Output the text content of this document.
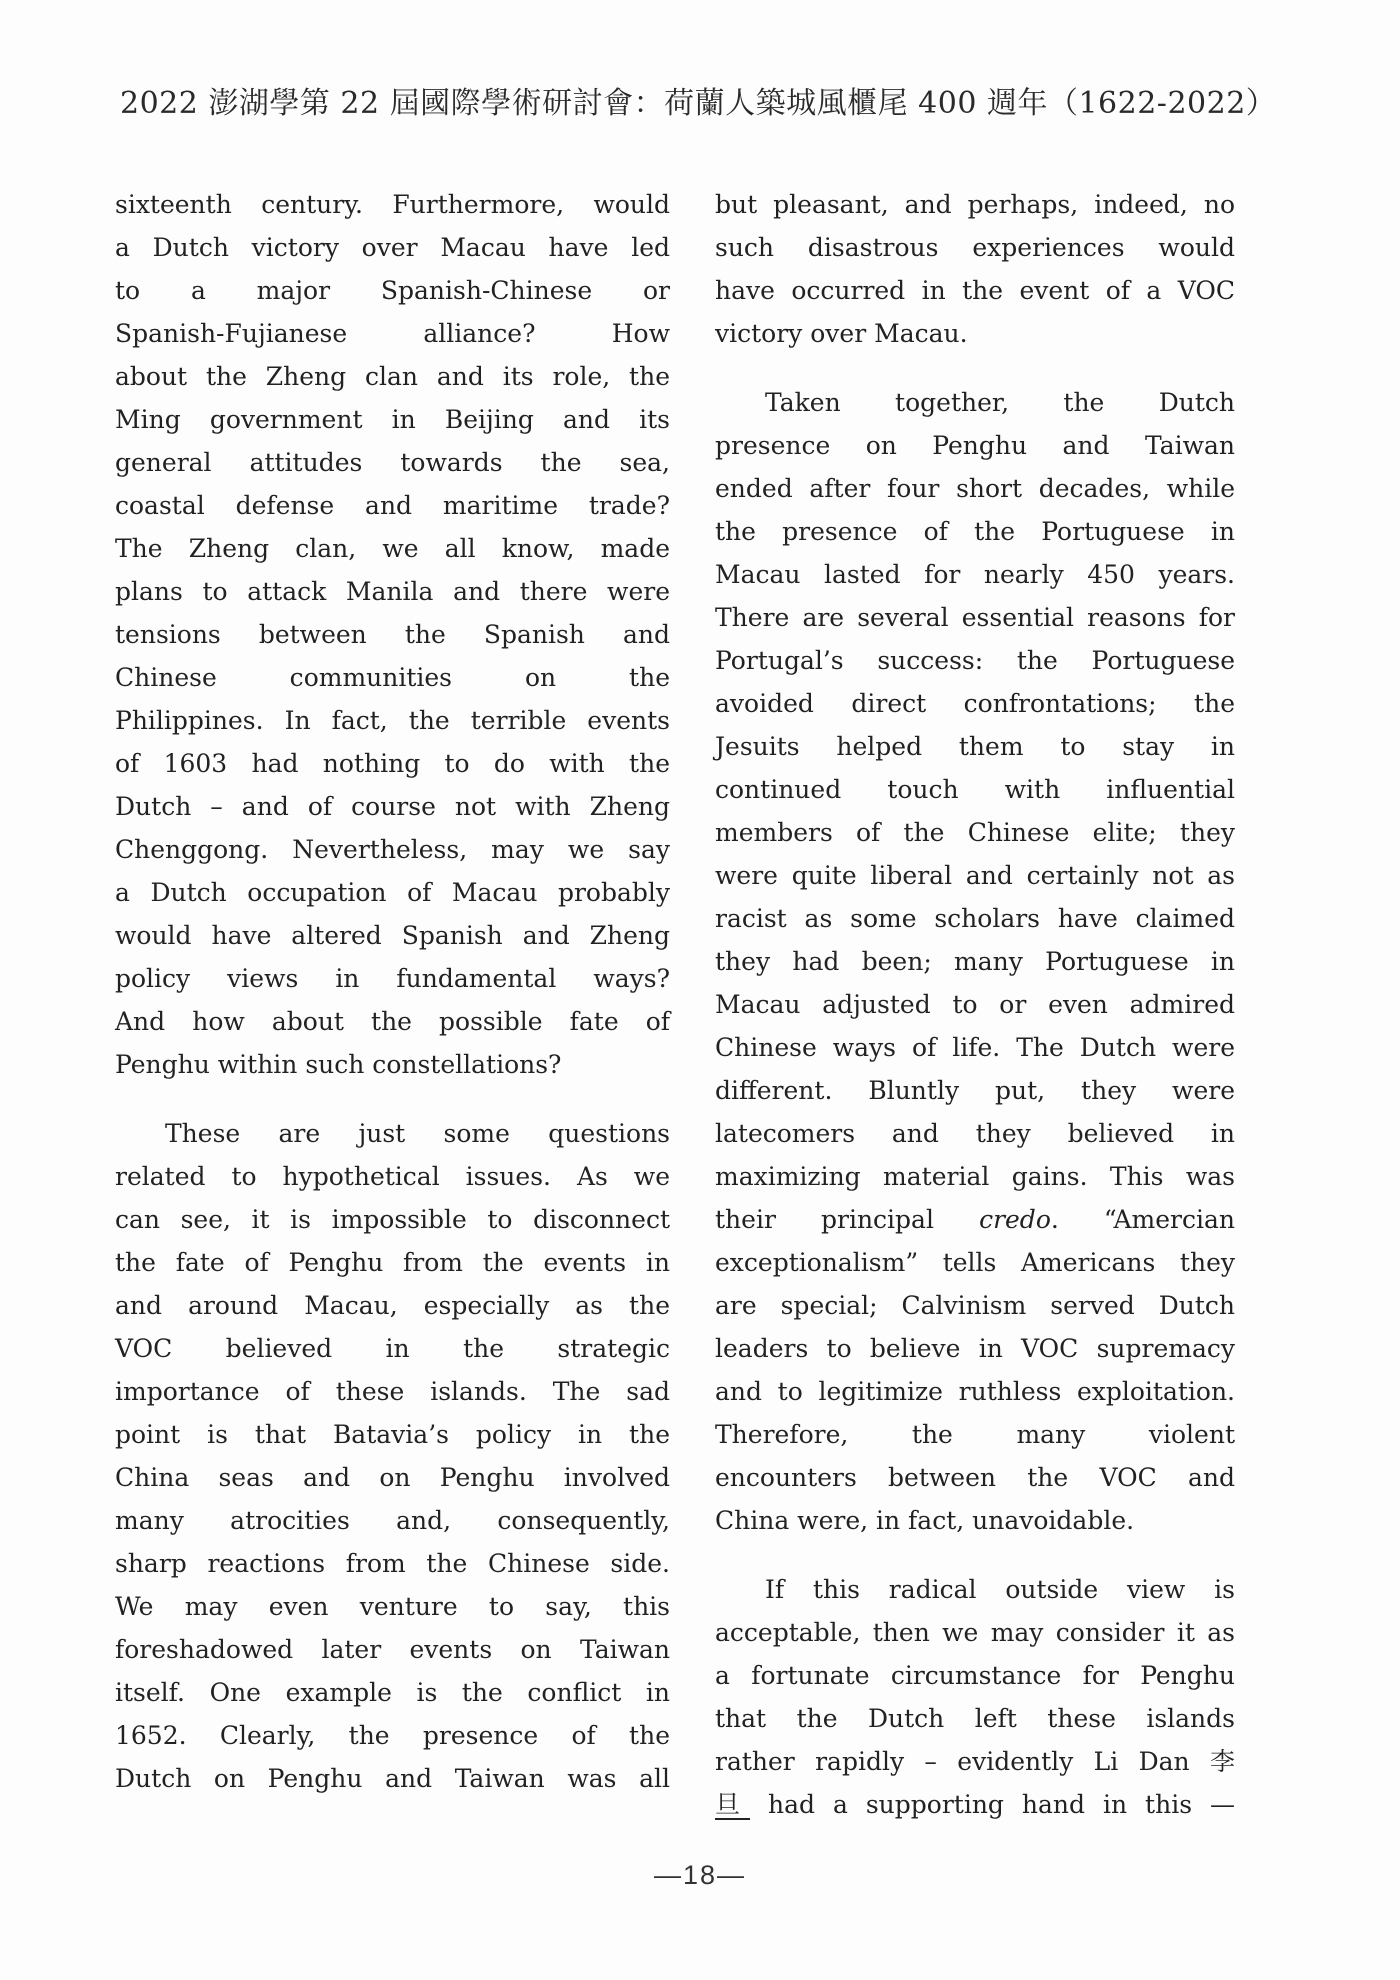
2022 澎湖學第 22 屆國際學術研討會：荷蘭人築城風櫃尾 400 週年（1622-2022）
sixteenth century. Furthermore, would
a Dutch victory over Macau have led
to a major Spanish-Chinese or
Spanish-Fujianese alliance? How
about the Zheng clan and its role, the
Ming government in Beijing and its
general attitudes towards the sea,
coastal defense and maritime trade?
The Zheng clan, we all know, made
plans to attack Manila and there were
tensions between the Spanish and
Chinese communities on the
Philippines. In fact, the terrible events
of 1603 had nothing to do with the
Dutch – and of course not with Zheng
Chenggong. Nevertheless, may we say
a Dutch occupation of Macau probably
would have altered Spanish and Zheng
policy views in fundamental ways?
And how about the possible fate of
Penghu within such constellations?
These are just some questions
related to hypothetical issues. As we
can see, it is impossible to disconnect
the fate of Penghu from the events in
and around Macau, especially as the
VOC believed in the strategic
importance of these islands. The sad
point is that Batavia’s policy in the
China seas and on Penghu involved
many atrocities and, consequently,
sharp reactions from the Chinese side.
We may even venture to say, this
foreshadowed later events on Taiwan
itself. One example is the conflict in
1652. Clearly, the presence of the
Dutch on Penghu and Taiwan was all
but pleasant, and perhaps, indeed, no
such disastrous experiences would
have occurred in the event of a VOC
victory over Macau.
Taken together, the Dutch
presence on Penghu and Taiwan
ended after four short decades, while
the presence of the Portuguese in
Macau lasted for nearly 450 years.
There are several essential reasons for
Portugal’s success: the Portuguese
avoided direct confrontations; the
Jesuits helped them to stay in
continued touch with influential
members of the Chinese elite; they
were quite liberal and certainly not as
racist as some scholars have claimed
they had been; many Portuguese in
Macau adjusted to or even admired
Chinese ways of life. The Dutch were
different. Bluntly put, they were
latecomers and they believed in
maximizing material gains. This was
their principal credo. “Amercian
exceptionalism” tells Americans they
are special; Calvinism served Dutch
leaders to believe in VOC supremacy
and to legitimize ruthless exploitation.
Therefore, the many violent
encounters between the VOC and
China were, in fact, unavoidable.
If this radical outside view is
acceptable, then we may consider it as
a fortunate circumstance for Penghu
that the Dutch left these islands
rather rapidly – evidently Li Dan 李
旦 had a supporting hand in this —
—18—
